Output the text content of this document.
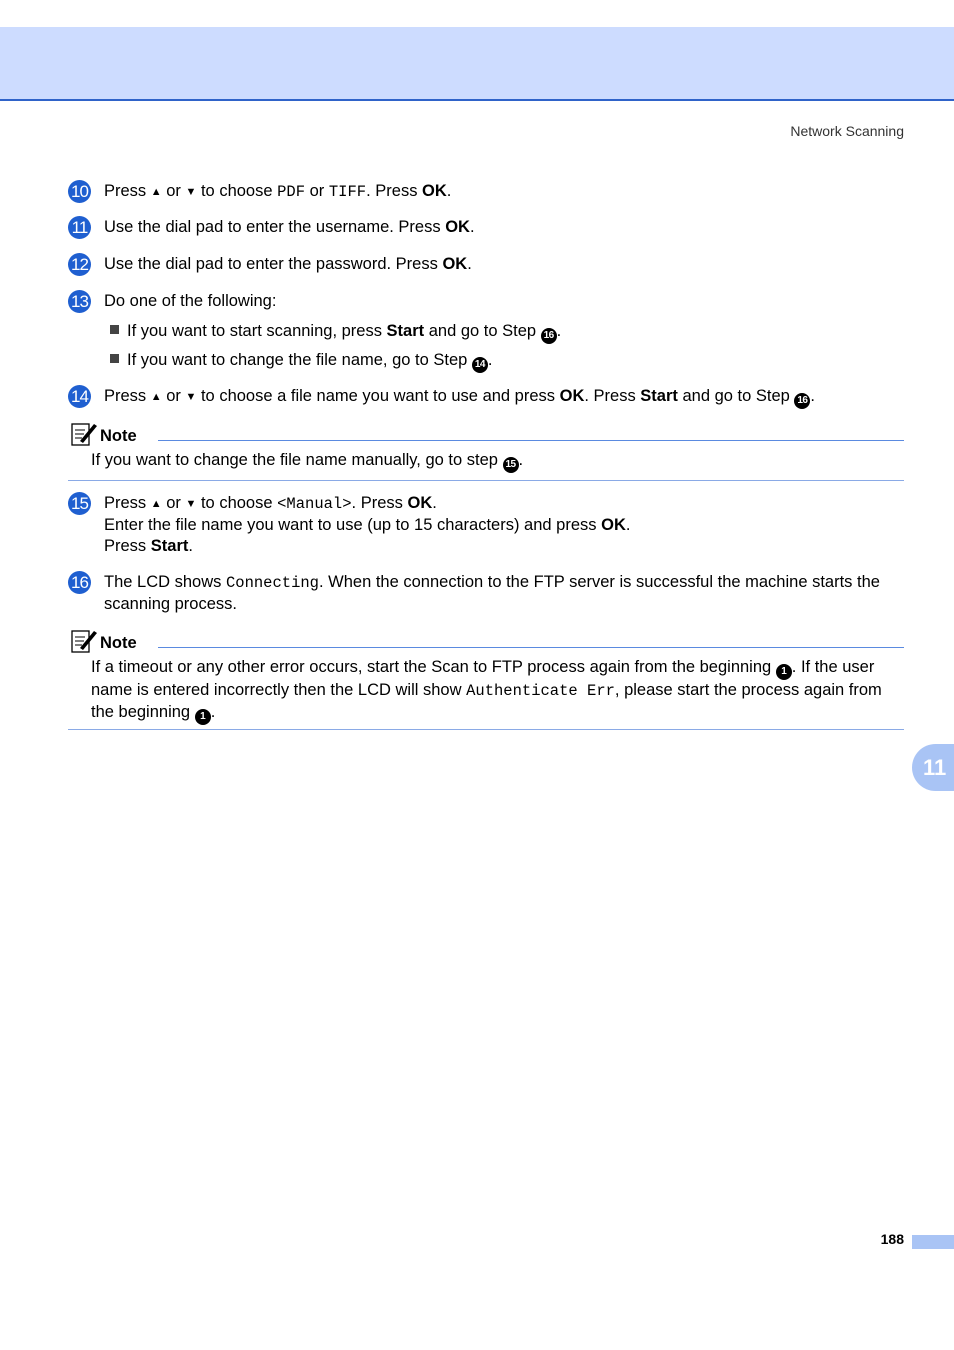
Network Scanning
10 Press ▲ or ▼ to choose PDF or TIFF. Press OK.
11 Use the dial pad to enter the username. Press OK.
12 Use the dial pad to enter the password. Press OK.
13 Do one of the following:
If you want to start scanning, press Start and go to Step 16 .
If you want to change the file name, go to Step 14 .
14 Press ▲ or ▼ to choose a file name you want to use and press OK. Press Start and go to Step 16 .
Note
If you want to change the file name manually, go to step 15 .
15 Press ▲ or ▼ to choose <Manual>. Press OK.
Enter the file name you want to use (up to 15 characters) and press OK.
Press Start.
16 The LCD shows Connecting. When the connection to the FTP server is successful the machine starts the scanning process.
Note
If a timeout or any other error occurs, start the Scan to FTP process again from the beginning 1 . If the user name is entered incorrectly then the LCD will show Authenticate Err, please start the process again from the beginning 1 .
11
188
